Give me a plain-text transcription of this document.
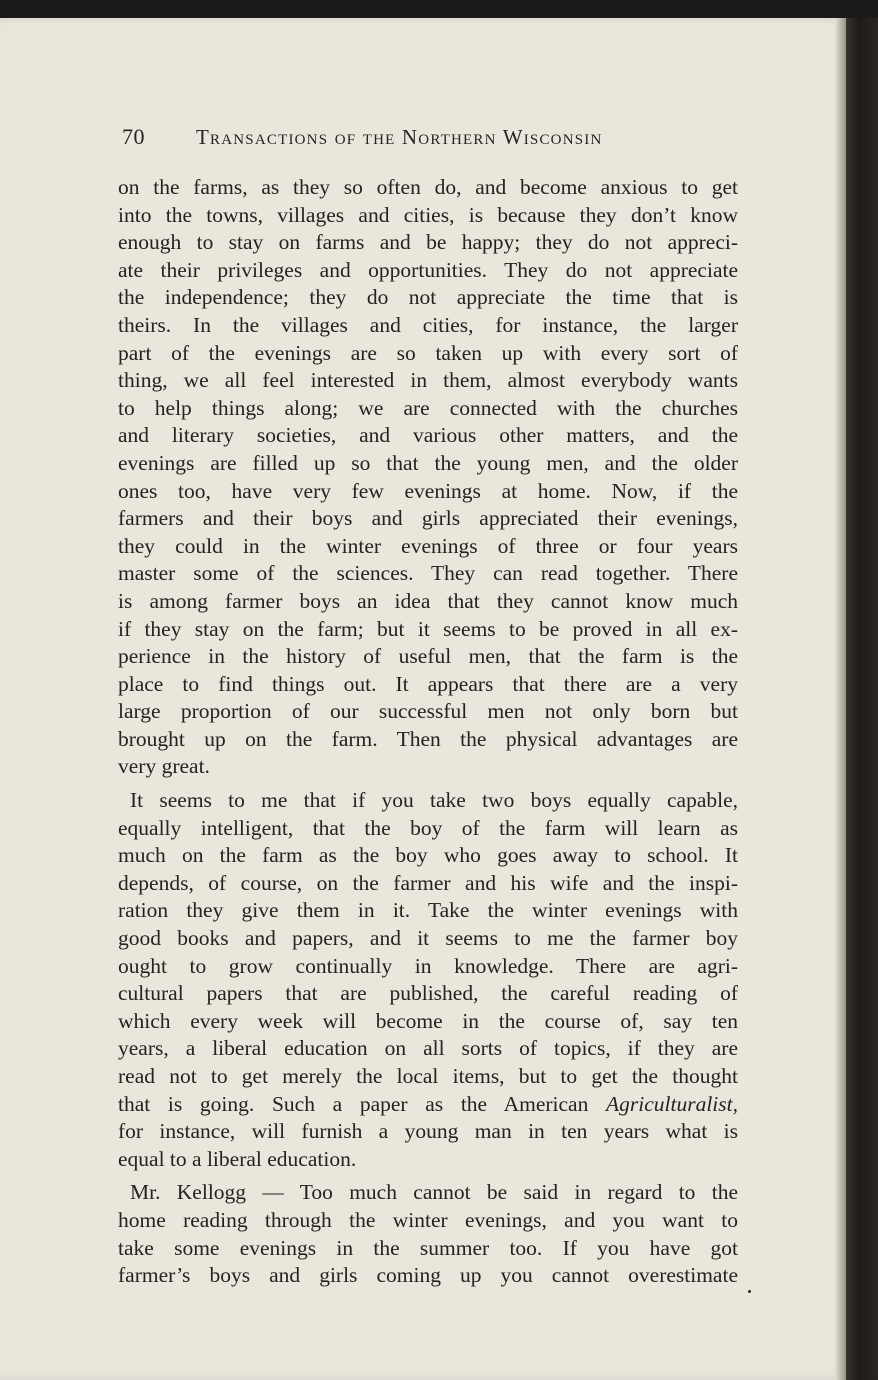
70	Transactions of the Northern Wisconsin
on the farms, as they so often do, and become anxious to get
into the towns, villages and cities, is because they don’t know
enough to stay on farms and be happy; they do not appreci-
ate their privileges and opportunities. They do not appreciate
the independence; they do not appreciate the time that is
theirs. In the villages and cities, for instance, the larger
part of the evenings are so taken up with every sort of
thing, we all feel interested in them, almost everybody wants
to help things along; we are connected with the churches
and literary societies, and various other matters, and the
evenings are filled up so that the young men, and the older
ones too, have very few evenings at home. Now, if the
farmers and their boys and girls appreciated their evenings,
they could in the winter evenings of three or four years
master some of the sciences. They can read together. There
is among farmer boys an idea that they cannot know much
if they stay on the farm; but it seems to be proved in all ex-
perience in the history of useful men, that the farm is the
place to find things out. It appears that there are a very
large proportion of our successful men not only born but
brought up on the farm. Then the physical advantages are
very great.
It seems to me that if you take two boys equally capable,
equally intelligent, that the boy of the farm will learn as
much on the farm as the boy who goes away to school. It
depends, of course, on the farmer and his wife and the inspi-
ration they give them in it. Take the winter evenings with
good books and papers, and it seems to me the farmer boy
ought to grow continually in knowledge. There are agri-
cultural papers that are published, the careful reading of
which every week will become in the course of, say ten
years, a liberal education on all sorts of topics, if they are
read not to get merely the local items, but to get the thought
that is going. Such a paper as the American Agriculturalist,
for instance, will furnish a young man in ten years what is
equal to a liberal education.
Mr. Kellogg — Too much cannot be said in regard to the
home reading through the winter evenings, and you want to
take some evenings in the summer too. If you have got
farmer’s boys and girls coming up you cannot overestimate
